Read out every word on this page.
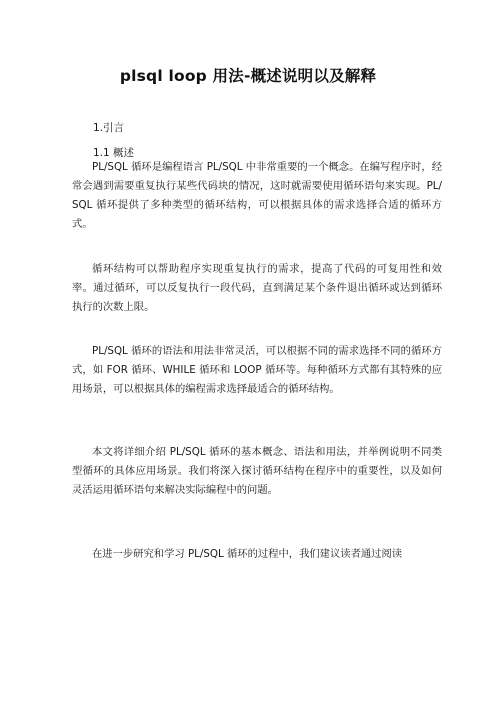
plsql loop 用法-概述说明以及解释
1.引言
1.1 概述

PL/SQL 循环是编程语言 PL/SQL 中非常重要的一个概念。在编写程序时，经常会遇到需要重复执行某些代码块的情况，这时就需要使用循环语句来实现。PL/SQL 循环提供了多种类型的循环结构，可以根据具体的需求选择合适的循环方式。

循环结构可以帮助程序实现重复执行的需求，提高了代码的可复用性和效率。通过循环，可以反复执行一段代码，直到满足某个条件退出循环或达到循环执行的次数上限。

PL/SQL 循环的语法和用法非常灵活，可以根据不同的需求选择不同的循环方式，如 FOR 循环、WHILE 循环和 LOOP 循环等。每种循环方式都有其特殊的应用场景，可以根据具体的编程需求选择最适合的循环结构。

本文将详细介绍 PL/SQL 循环的基本概念、语法和用法，并举例说明不同类型循环的具体应用场景。我们将深入探讨循环结构在程序中的重要性，以及如何灵活运用循环语句来解决实际编程中的问题。

在进一步研究和学习 PL/SQL 循环的过程中，我们建议读者通过阅读
